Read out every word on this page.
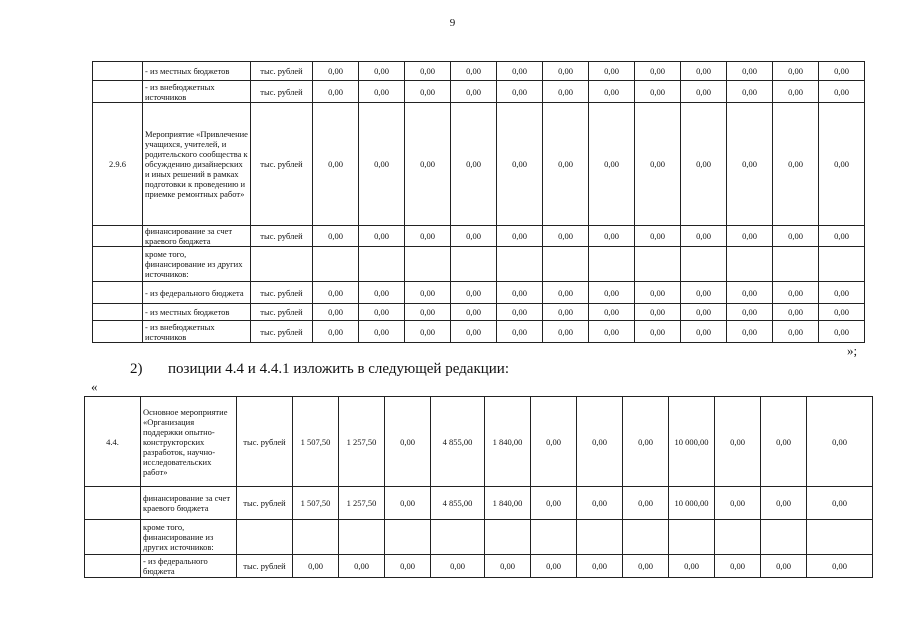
9
	- из местных бюджетов	тыс. рублей	0,00	0,00	0,00	0,00	0,00	0,00	0,00	0,00	0,00	0,00	0,00	0,00
	- из внебюджетных источников	тыс. рублей	0,00	0,00	0,00	0,00	0,00	0,00	0,00	0,00	0,00	0,00	0,00	0,00
2.9.6	Мероприятие «Привлечение учащихся, учителей, и родительского сообщества к обсуждению дизайнерских и иных решений в рамках подготовки к проведению и приемке ремонтных работ»	тыс. рублей	0,00	0,00	0,00	0,00	0,00	0,00	0,00	0,00	0,00	0,00	0,00	0,00
	финансирование за счет краевого бюджета	тыс. рублей	0,00	0,00	0,00	0,00	0,00	0,00	0,00	0,00	0,00	0,00	0,00	0,00
	кроме того, финансирование из других источников:													
	- из федерального бюджета	тыс. рублей	0,00	0,00	0,00	0,00	0,00	0,00	0,00	0,00	0,00	0,00	0,00	0,00
	- из местных бюджетов	тыс. рублей	0,00	0,00	0,00	0,00	0,00	0,00	0,00	0,00	0,00	0,00	0,00	0,00
	- из внебюджетных источников	тыс. рублей	0,00	0,00	0,00	0,00	0,00	0,00	0,00	0,00	0,00	0,00	0,00	0,00
»;
2) позиции 4.4 и 4.4.1 изложить в следующей редакции:
«
4.4.	Основное мероприятие «Организация поддержки опытно-конструкторских разработок, научно-исследовательских работ»	тыс. рублей	1 507,50	1 257,50	0,00	4 855,00	1 840,00	0,00	0,00	0,00	10 000,00	0,00	0,00	0,00
	финансирование за счет краевого бюджета	тыс. рублей	1 507,50	1 257,50	0,00	4 855,00	1 840,00	0,00	0,00	0,00	10 000,00	0,00	0,00	0,00
	кроме того, финансирование из других источников:													
	- из федерального бюджета	тыс. рублей	0,00	0,00	0,00	0,00	0,00	0,00	0,00	0,00	0,00	0,00	0,00	0,00
